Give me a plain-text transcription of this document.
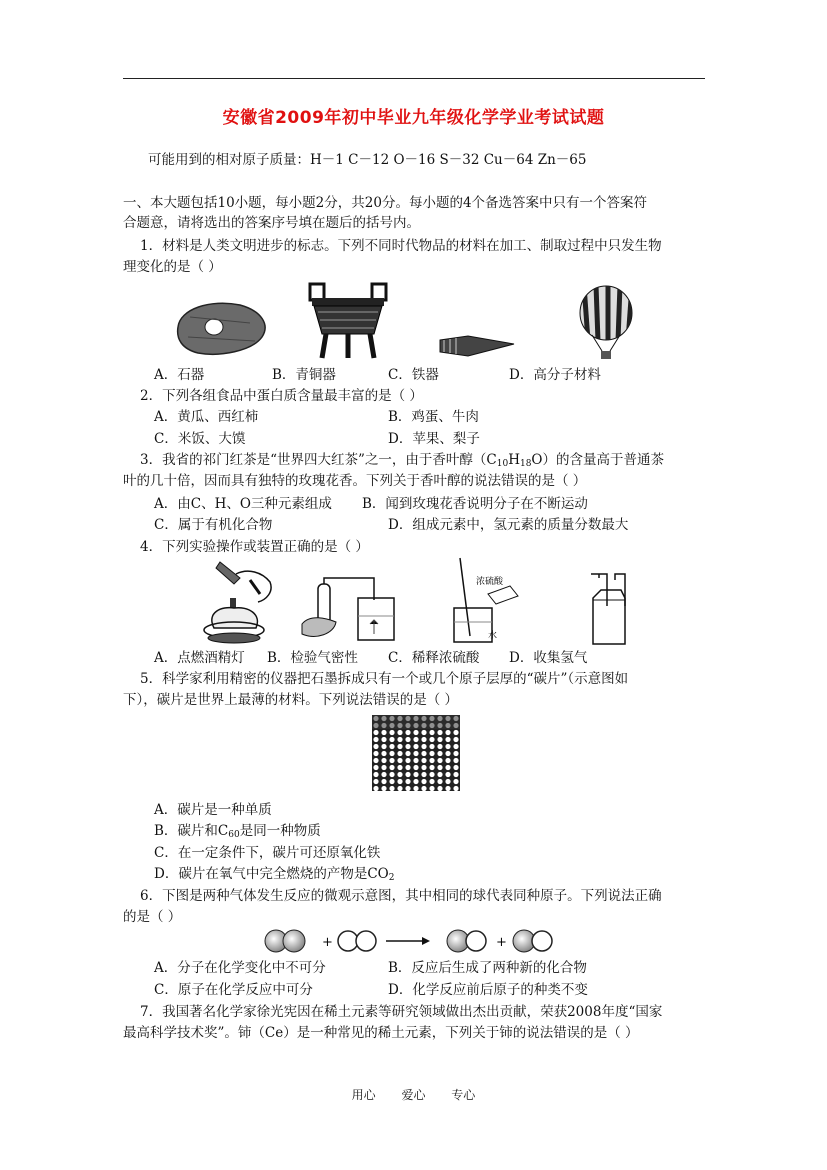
安徽省2009年初中毕业九年级化学学业考试试题
可能用到的相对原子质量：H－1 C－12 O－16 S－32 Cu－64 Zn－65
一、本大题包括10小题，每小题2分，共20分。每小题的4个备选答案中只有一个答案符
合题意，请将选出的答案序号填在题后的括号内。
1．材料是人类文明进步的标志。下列不同时代物品的材料在加工、制取过程中只发生物
理变化的是（ ）
A．石器	B．青铜器	C．铁器	D．高分子材料
2．下列各组食品中蛋白质含量最丰富的是（ ）
A．黄瓜、西红柿	B．鸡蛋、牛肉
C．米饭、大馍	D．苹果、梨子
3．我省的祁门红茶是“世界四大红茶”之一，由于香叶醇$(C_{10}H_{18}O)$的含量高于普通茶
叶的几十倍，因而具有独特的玫瑰花香。下列关于香叶醇的说法错误的是（ ）
A．由C、H、O三种元素组成 B．闻到玫瑰花香说明分子在不断运动
C．属于有机化合物	D．组成元素中，氢元素的质量分数最大
4．下列实验操作或装置正确的是（ ）
浓硫酸
水
A．点燃酒精灯 B．检验气密性 C．稀释浓硫酸 D．收集氢气
5．科学家利用精密的仪器把石墨拆成只有一个或几个原子层厚的“碳片”（示意图如
下），碳片是世界上最薄的材料。下列说法错误的是（ ）
A．碳片是一种单质
B．碳片和$C_{60}$是同一种物质
C．在一定条件下，碳片可还原氧化铁
D．碳片在氧气中完全燃烧的产物是$CO_2$
6．下图是两种气体发生反应的微观示意图，其中相同的球代表同种原子。下列说法正确
的是（ ）
+	+
A．分子在化学变化中不可分	B．反应后生成了两种新的化合物
C．原子在化学反应中可分	D．化学反应前后原子的种类不变
7．我国著名化学家徐光宪因在稀土元素等研究领域做出杰出贡献，荣获2008年度“国家
最高科学技术奖”。铈（Ce）是一种常见的稀土元素，下列关于铈的说法错误的是（ ）
用心 爱心 专心
